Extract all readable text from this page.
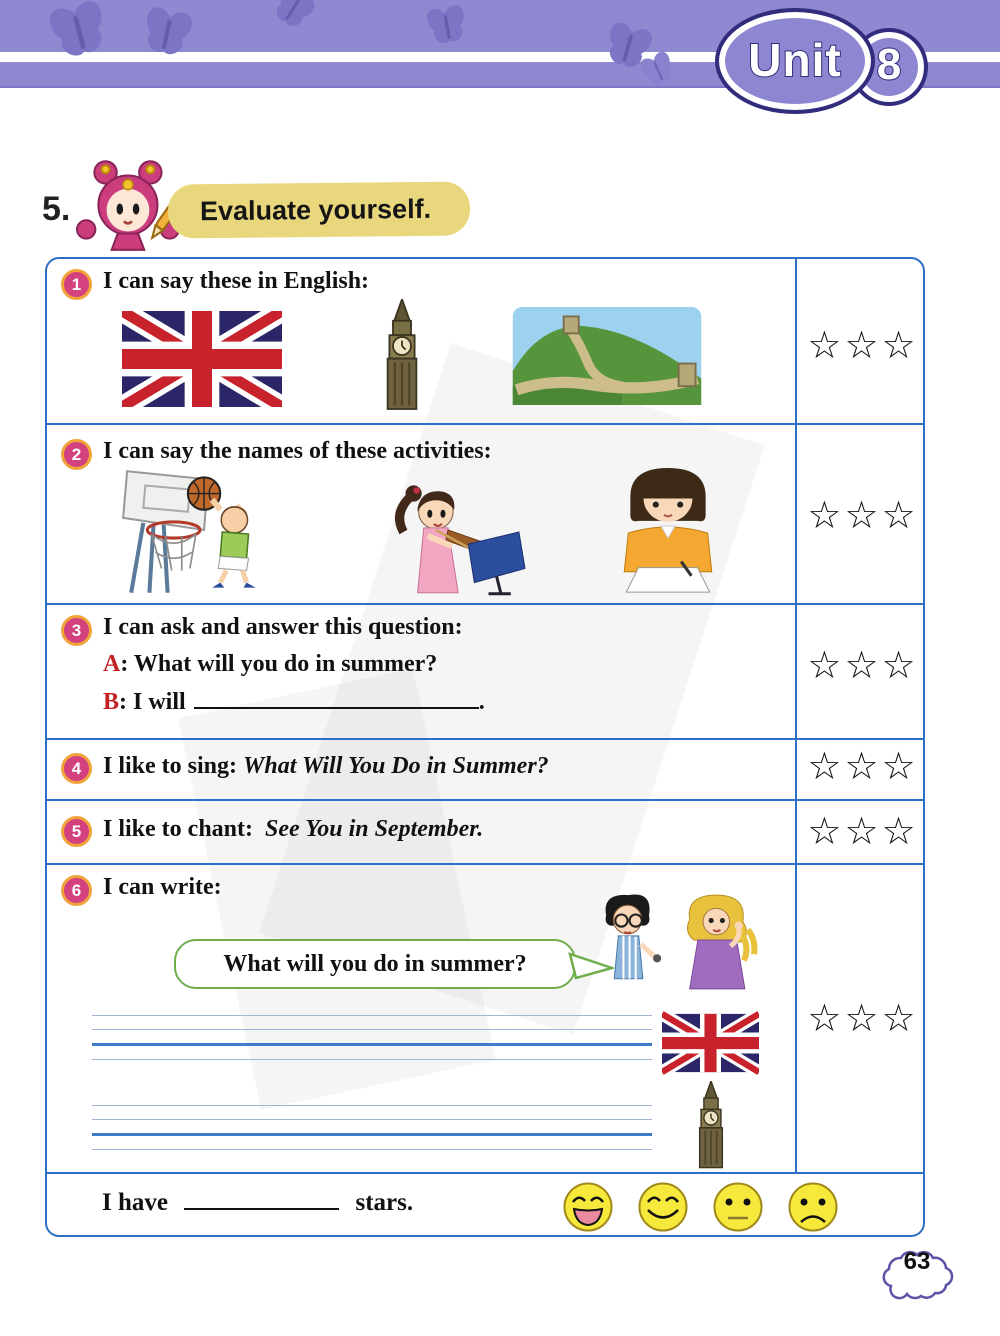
Unit 8
5.	Evaluate yourself.
1 I can say these in English:
☆☆☆
2 I can say the names of these activities:
☆☆☆
3 I can ask and answer this question:
A: What will you do in summer?
B: I will	.
☆☆☆
4 I like to sing: What Will You Do in Summer?	☆☆☆
5 I like to chant: See You in September.	☆☆☆
6 I can write:
What will you do in summer?
☆☆☆
I have	stars.
63
